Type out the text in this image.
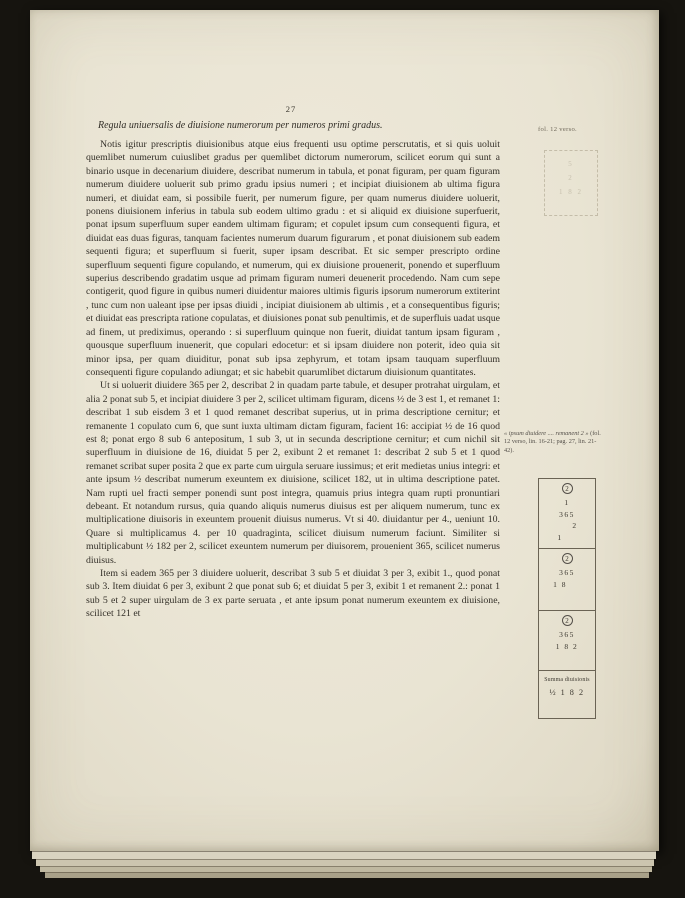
27
fol. 12 verso.
5
2
1 8 2
Regula uniuersalis de diuisione numerorum per numeros primi gradus.

Notis igitur prescriptis diuisionibus atque eius frequenti usu optime perscrutatis, et si quis uoluit quemlibet numerum cuiuslibet gradus per quemlibet dictorum numerorum, scilicet eorum qui sunt a binario usque in decenarium diuidere, describat numerum in tabula, et ponat figuram, per quam figuram numerum diuidere uoluerit sub primo gradu ipsius numeri ; et incipiat diuisionem ab ultima figura numeri, et diuidat eam, si possibile fuerit, per numerum figure, per quam numerus diuidere uoluerit, ponens diuisionem inferius in tabula sub eodem ultimo gradu : et si aliquid ex diuisione superfuerit, ponat ipsum superfluum super eandem ultimam figuram; et copulet ipsum cum consequenti figura, et diuidat eas duas figuras, tanquam facientes numerum duarum figurarum , et ponat diuisionem sub eadem sequenti figura; et superfluum si fuerit, super ipsam describat. Et sic semper prescripto ordine superfluum sequenti figure copulando, et numerum, qui ex diuisione prouenerit, ponendo et superfluum superius describendo gradatim usque ad primam figuram numeri deuenerit procedendo. Nam cum sepe contigerit, quod figure in quibus numeri diuidentur maiores ultimis figuris ipsorum numerorum extiterint , tunc cum non ualeant ipse per ipsas diuidi , incipiat diuisionem ab ultimis , et a consequentibus figuris; et diuidat eas prescripta ratione copulatas, et diuisiones ponat sub penultimis, et de superfluis uadat usque ad finem, ut prediximus, operando : si superfluum quinque non fuerit, diuidat tantum ipsam figuram , quousque superfluum inuenerit, que copulari edocetur: et si ipsam diuidere non poterit, ideo quia sit minor ipsa, per quam diuiditur, ponat sub ipsa zephyrum, et totam ipsam tauquam superfluum consequenti figure copulando adiungat; et sic habebit quarumlibet dictarum diuisionum quantitates.

Ut si uoluerit diuidere 365 per 2, describat 2 in quadam parte tabule, et desuper protrahat uirgulam, et alia 2 ponat sub 5, et incipiat diuidere 3 per 2, scilicet ultimam figuram, dicens ½ de 3 est 1, et remanet 1: describat 1 sub eisdem 3 et 1 quod remanet describat superius, ut in prima descriptione cernitur; et remanente 1 copulato cum 6, que sunt iuxta ultimam dictam figuram, facient 16: accipiat ½ de 16 quod est 8; ponat ergo 8 sub 6 antepositum, 1 sub 3, ut in secunda descriptione cernitur; et cum nichil sit superfluum in diuisione de 16, diuidat 5 per 2, exibunt 2 et remanet 1: describat 2 sub 5 et 1 quod remanet scribat super posita 2 que ex parte cum uirgula seruare iussimus; et erit medietas unius integri: et ante ipsum ½ describat numerum exeuntem ex diuisione, scilicet 182, ut in ultima descriptione patet. Nam rupti uel fracti semper ponendi sunt post integra, quamuis prius integra quam rupti pronuntiari debeant. Et notandum rursus, quia quando aliquis numerus diuisus est per aliquem numerum, tunc ex multiplicatione diuisoris in exeuntem prouenit diuisus numerus. Vt si 40. diuidantur per 4., ueniunt 10. Quare si multiplicamus 4. per 10 quadraginta, scilicet diuisum numerum faciunt. Similiter si multiplicabunt ½ 182 per 2, scilicet exeuntem numerum per diuisorem, prouenient 365, scilicet numerus diuisus.

Item si eadem 365 per 3 diuidere uoluerit, describat 3 sub 5 et diuidat 3 per 3, exibit 1., quod ponat sub 3. Item diuidat 6 per 3, exibunt 2 que ponat sub 6; et diuidat 5 per 3, exibit 1 et remanent 2.: ponat 1 sub 5 et 2 super uirgulam de 3 ex parte seruata , et ante ipsum ponat numerum exeuntem ex diuisione, scilicet 121 et

« ipsum diuidere .... remanent 2 » (fol. 12 verso, lin. 16-21; pag. 27, lin. 21-42).
2
1
365
2
1
2
365
1 8
2
365
1 8 2
Summa diuisionis
½ 1 8 2
